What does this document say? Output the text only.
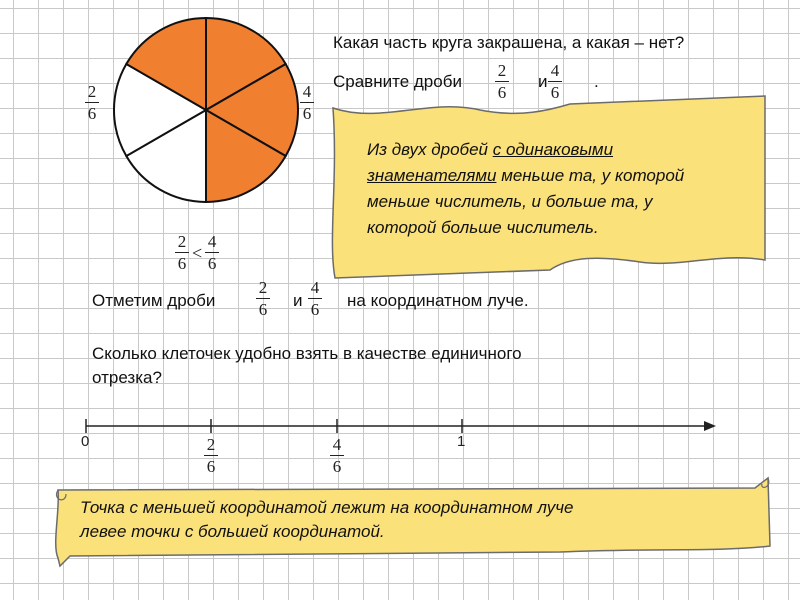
2
6
4
6
Какая часть круга закрашена, а какая – нет?
Сравните дроби
2
6
и
4
6
.
Из двух дробей с одинаковыми знаменателями меньше та, у которой меньше числитель, и больше та, у которой больше числитель.
$\frac{2}{6} < \frac{4}{6}$
Отметим дроби
2
6 и
4
6 на координатном луче.
Сколько клеточек удобно взять в качестве единичного
отрезка?
0	1
2
6
4
6
Точка с меньшей координатой лежит на координатном луче
левее точки с большей координатой.
